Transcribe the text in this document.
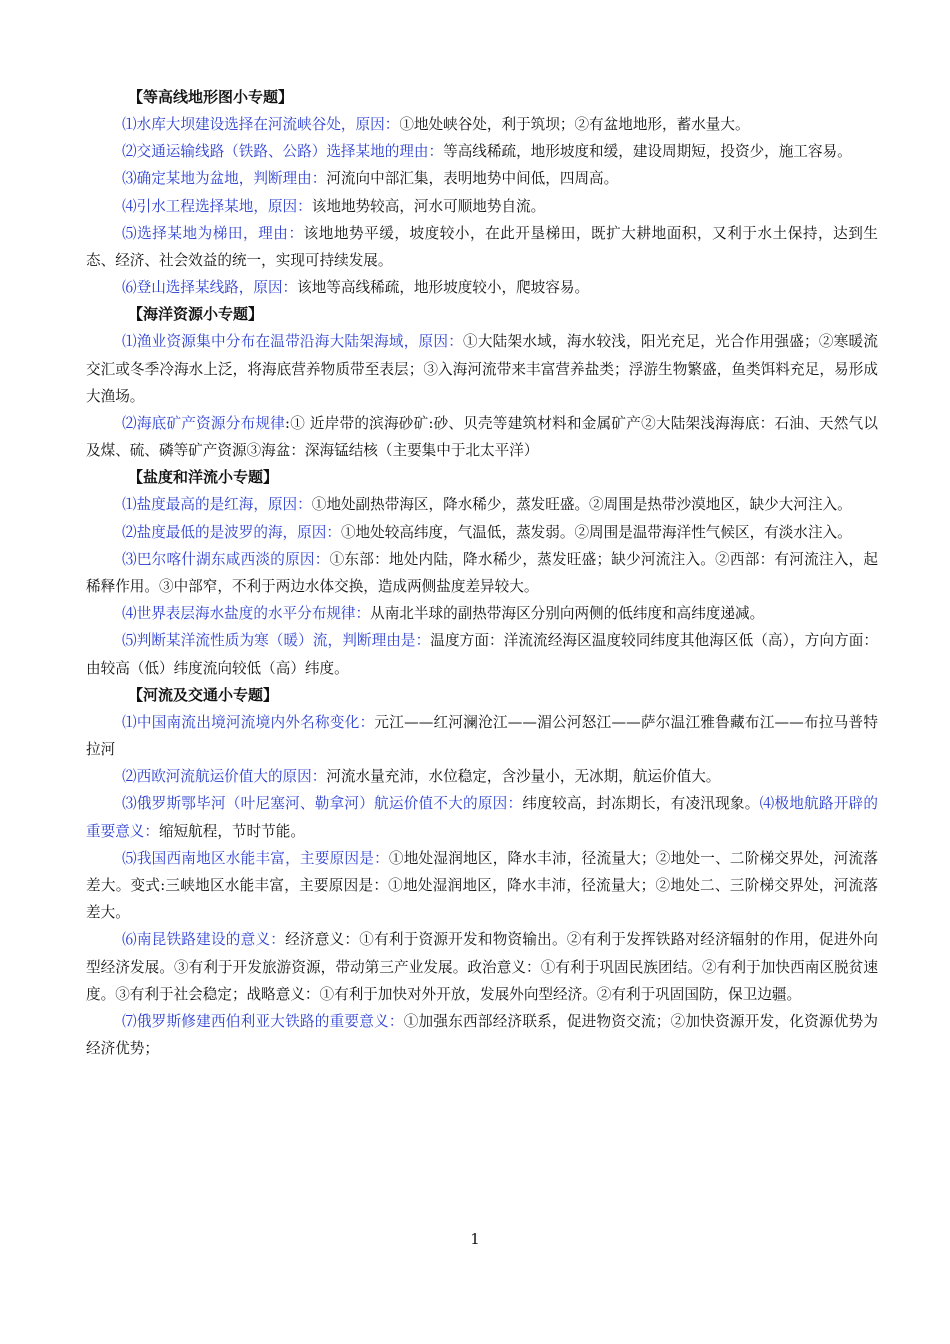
【等高线地形图小专题】

⑴水库大坝建设选择在河流峡谷处，原因：①地处峡谷处，利于筑坝；②有盆地地形，蓄水量大。

⑵交通运输线路（铁路、公路）选择某地的理由：等高线稀疏，地形坡度和缓，建设周期短，投资少，施工容易。

⑶确定某地为盆地，判断理由：河流向中部汇集，表明地势中间低，四周高。

⑷引水工程选择某地，原因：该地地势较高，河水可顺地势自流。

⑸选择某地为梯田，理由：该地地势平缓，坡度较小，在此开垦梯田，既扩大耕地面积，又利于水土保持，达到生态、经济、社会效益的统一，实现可持续发展。

⑹登山选择某线路，原因：该地等高线稀疏，地形坡度较小，爬坡容易。

【海洋资源小专题】

⑴渔业资源集中分布在温带沿海大陆架海域，原因：①大陆架水域，海水较浅，阳光充足，光合作用强盛；②寒暖流交汇或冬季冷海水上泛，将海底营养物质带至表层；③入海河流带来丰富营养盐类；浮游生物繁盛，鱼类饵料充足，易形成大渔场。

⑵海底矿产资源分布规律:① 近岸带的滨海砂矿:砂、贝壳等建筑材料和金属矿产②大陆架浅海海底：石油、天然气以及煤、硫、磷等矿产资源③海盆：深海锰结核（主要集中于北太平洋）

【盐度和洋流小专题】

⑴盐度最高的是红海，原因：①地处副热带海区，降水稀少，蒸发旺盛。②周围是热带沙漠地区，缺少大河注入。

⑵盐度最低的是波罗的海，原因：①地处较高纬度，气温低，蒸发弱。②周围是温带海洋性气候区，有淡水注入。

⑶巴尔喀什湖东咸西淡的原因：①东部：地处内陆，降水稀少，蒸发旺盛；缺少河流注入。②西部：有河流注入，起稀释作用。③中部窄，不利于两边水体交换，造成两侧盐度差异较大。

⑷世界表层海水盐度的水平分布规律：从南北半球的副热带海区分别向两侧的低纬度和高纬度递减。

⑸判断某洋流性质为寒（暖）流，判断理由是：温度方面：洋流流经海区温度较同纬度其他海区低（高），方向方面：由较高（低）纬度流向较低（高）纬度。

【河流及交通小专题】

⑴中国南流出境河流境内外名称变化：元江——红河澜沧江——湄公河怒江——萨尔温江雅鲁藏布江——布拉马普特拉河

⑵西欧河流航运价值大的原因：河流水量充沛，水位稳定，含沙量小，无冰期，航运价值大。

⑶俄罗斯鄂毕河（叶尼塞河、勒拿河）航运价值不大的原因：纬度较高，封冻期长，有凌汛现象。⑷极地航路开辟的重要意义：缩短航程，节时节能。

⑸我国西南地区水能丰富，主要原因是：①地处湿润地区，降水丰沛，径流量大；②地处一、二阶梯交界处，河流落差大。变式:三峡地区水能丰富，主要原因是：①地处湿润地区，降水丰沛，径流量大；②地处二、三阶梯交界处，河流落差大。

⑹南昆铁路建设的意义：经济意义：①有利于资源开发和物资输出。②有利于发挥铁路对经济辐射的作用，促进外向型经济发展。③有利于开发旅游资源，带动第三产业发展。政治意义：①有利于巩固民族团结。②有利于加快西南区脱贫速度。③有利于社会稳定；战略意义：①有利于加快对外开放，发展外向型经济。②有利于巩固国防，保卫边疆。

⑺俄罗斯修建西伯利亚大铁路的重要意义：①加强东西部经济联系，促进物资交流；②加快资源开发，化资源优势为经济优势；

1
